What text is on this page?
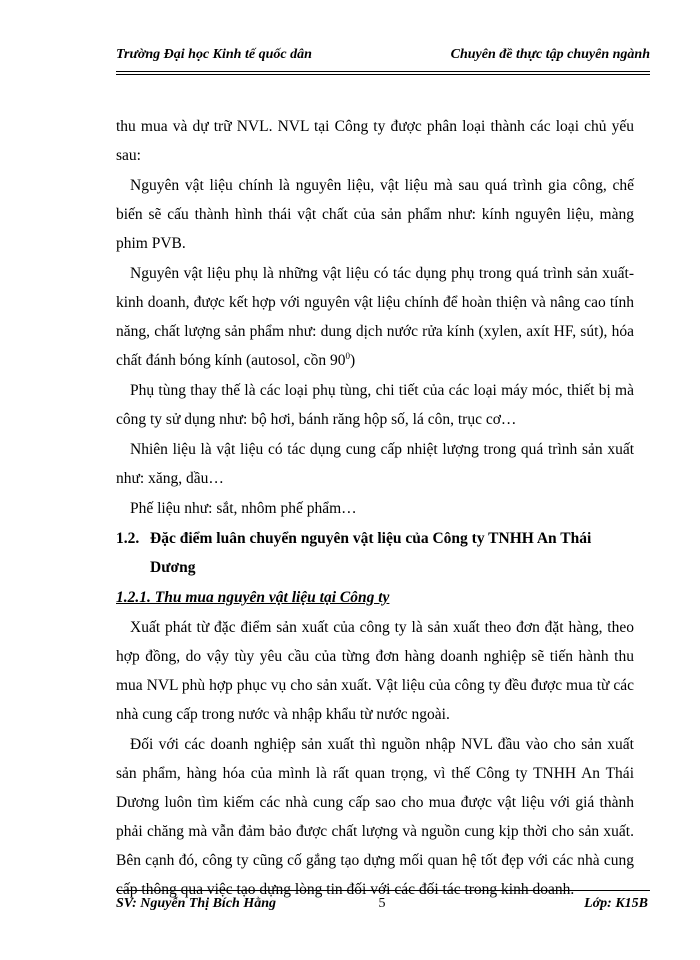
Trường Đại học Kinh tế quốc dân	Chuyên đề thực tập chuyên ngành

thu mua và dự trữ NVL. NVL tại Công ty được phân loại thành các loại chủ yếu sau:

Nguyên vật liệu chính là nguyên liệu, vật liệu mà sau quá trình gia công, chế biến sẽ cấu thành hình thái vật chất của sản phẩm như: kính nguyên liệu, màng phim PVB.

Nguyên vật liệu phụ là những vật liệu có tác dụng phụ trong quá trình sản xuất- kinh doanh, được kết hợp với nguyên vật liệu chính để hoàn thiện và nâng cao tính năng, chất lượng sản phẩm như: dung dịch nước rửa kính (xylen, axít HF, sút), hóa chất đánh bóng kính (autosol, cồn $90^0$)

Phụ tùng thay thế là các loại phụ tùng, chi tiết của các loại máy móc, thiết bị mà công ty sử dụng như: bộ hơi, bánh răng hộp số, lá côn, trục cơ…

Nhiên liệu là vật liệu có tác dụng cung cấp nhiệt lượng trong quá trình sản xuất như: xăng, dầu…

Phế liệu như: sắt, nhôm phế phẩm…

1.2. Đặc điểm luân chuyển nguyên vật liệu của Công ty TNHH An Thái

Dương

1.2.1. Thu mua nguyên vật liệu tại Công ty

Xuất phát từ đặc điểm sản xuất của công ty là sản xuất theo đơn đặt hàng, theo hợp đồng, do vậy tùy yêu cầu của từng đơn hàng doanh nghiệp sẽ tiến hành thu mua NVL phù hợp phục vụ cho sản xuất. Vật liệu của công ty đều được mua từ các nhà cung cấp trong nước và nhập khẩu từ nước ngoài.

Đối với các doanh nghiệp sản xuất thì nguồn nhập NVL đầu vào cho sản xuất sản phẩm, hàng hóa của mình là rất quan trọng, vì thế Công ty TNHH An Thái Dương luôn tìm kiếm các nhà cung cấp sao cho mua được vật liệu với giá thành phải chăng mà vẫn đảm bảo được chất lượng và nguồn cung kịp thời cho sản xuất. Bên cạnh đó, công ty cũng cố gắng tạo dựng mối quan hệ tốt đẹp với các nhà cung cấp thông qua việc tạo dựng lòng tin đối với các đối tác trong kinh doanh.

SV: Nguyễn Thị Bích Hằng	5	Lớp: K15B
